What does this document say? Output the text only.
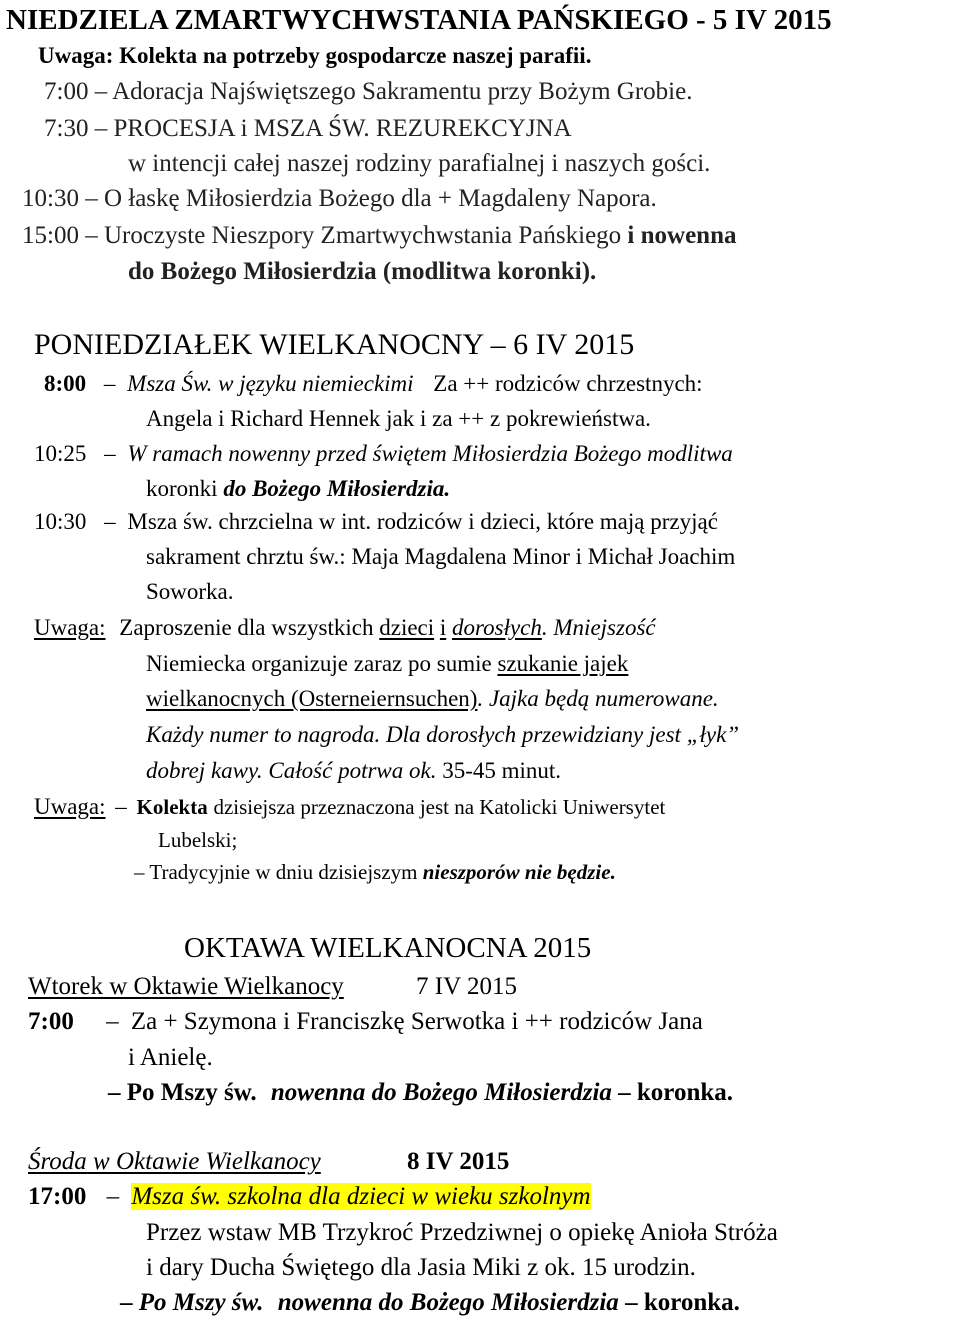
NIEDZIELA ZMARTWYCHWSTANIA PAŃSKIEGO - 5 IV 2015
Uwaga: Kolekta na potrzeby gospodarcze naszej parafii.
7:00 – Adoracja Najświętszego Sakramentu przy Bożym Grobie.
7:30 – PROCESJA i MSZA ŚW. REZUREKCYJNA
w intencji całej naszej rodziny parafialnej i naszych gości.
10:30 – O łaskę Miłosierdzia Bożego dla + Magdaleny Napora.
15:00 – Uroczyste Nieszpory Zmartwychwstania Pańskiego i nowenna
do Bożego Miłosierdzia (modlitwa koronki).
PONIEDZIAŁEK WIELKANOCNY – 6 IV 2015
8:00 – Msza Św. w języku niemieckimi Za ++ rodziców chrzestnych:
Angela i Richard Hennek jak i za ++ z pokrewieństwa.
10:25 – W ramach nowenny przed świętem Miłosierdzia Bożego modlitwa
koronki do Bożego Miłosierdzia.
10:30 – Msza św. chrzcielna w int. rodziców i dzieci, które mają przyjąć
sakrament chrztu św.: Maja Magdalena Minor i Michał Joachim
Soworka.
Uwaga: Zaproszenie dla wszystkich dzieci i dorosłych. Mniejszość
Niemiecka organizuje zaraz po sumie szukanie jajek
wielkanocnych (Osterneiernsuchen). Jajka będą numerowane.
Każdy numer to nagroda. Dla dorosłych przewidziany jest „łyk”
dobrej kawy. Całość potrwa ok. 35-45 minut.
Uwaga: – Kolekta dzisiejsza przeznaczona jest na Katolicki Uniwersytet
Lubelski;
– Tradycyjnie w dniu dzisiejszym nieszporów nie będzie.
OKTAWA WIELKANOCNA 2015
Wtorek w Oktawie Wielkanocy	7 IV 2015
7:00 – Za + Szymona i Franciszkę Serwotka i ++ rodziców Jana
i Anielę.
– Po Mszy św. nowenna do Bożego Miłosierdzia – koronka.
Środa w Oktawie Wielkanocy	8 IV 2015
17:00 – Msza św. szkolna dla dzieci w wieku szkolnym
Przez wstaw MB Trzykroć Przedziwnej o opiekę Anioła Stróża
i dary Ducha Świętego dla Jasia Miki z ok. 15 urodzin.
– Po Mszy św. nowenna do Bożego Miłosierdzia – koronka.
